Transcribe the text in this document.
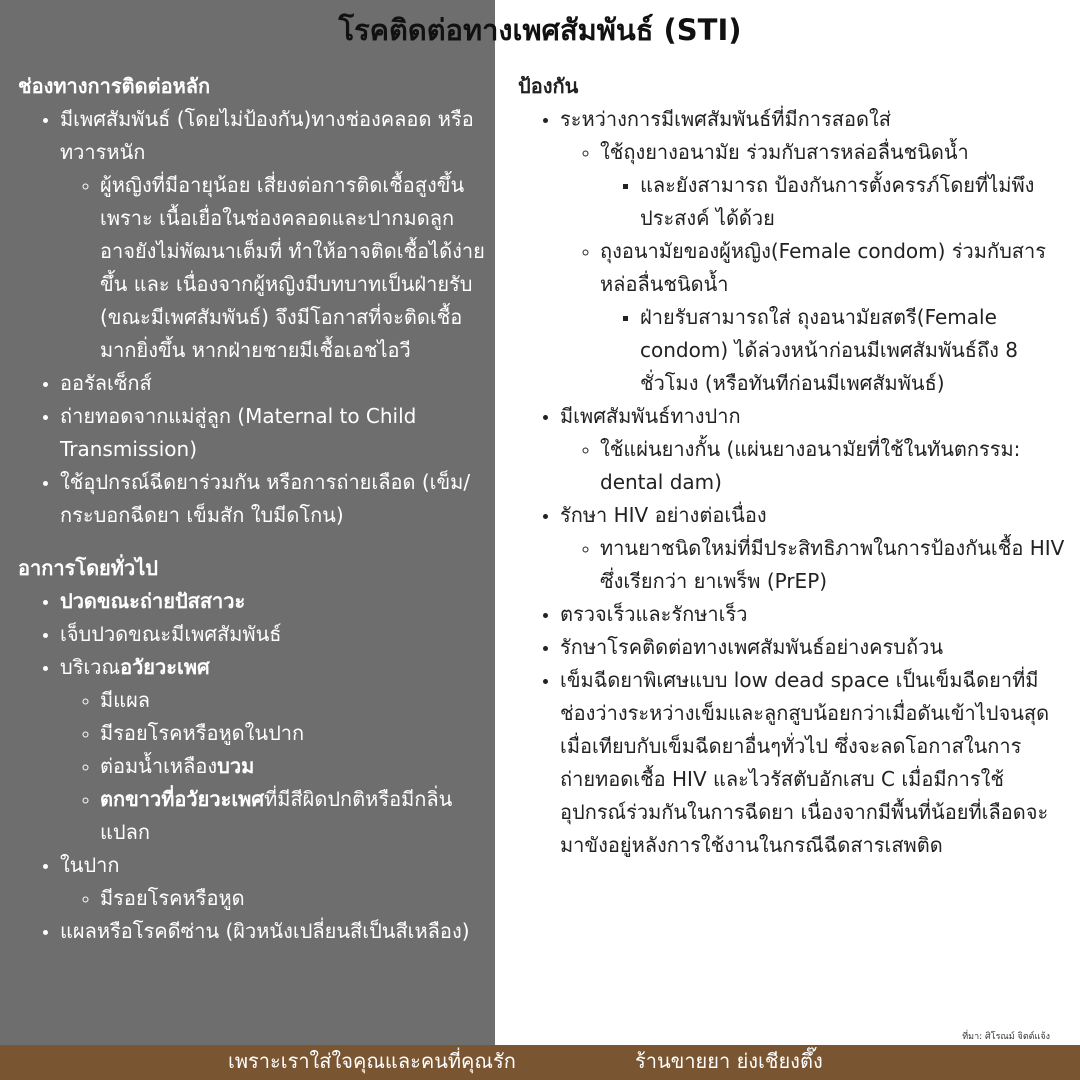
โรคติดต่อทางเพศสัมพันธ์ (STI)

ช่องทางการติดต่อหลัก

• มีเพศสัมพันธ์ (โดยไม่ป้องกัน)ทางช่องคลอด หรือ ทวารหนัก
◦ ผู้หญิงที่มีอายุน้อย เสี่ยงต่อการติดเชื้อสูงขึ้น เพราะ เนื้อเยื่อในช่องคลอดและปากมดลูกอาจยังไม่พัฒนาเต็มที่ ทำให้อาจติดเชื้อได้ง่ายขึ้น และ เนื่องจากผู้หญิงมีบทบาทเป็นฝ่ายรับ (ขณะมีเพศสัมพันธ์) จึงมีโอกาสที่จะติดเชื้อมากยิ่งขึ้น หากฝ่ายชายมีเชื้อเอชไอวี
• ออรัลเซ็กส์
• ถ่ายทอดจากแม่สู่ลูก (Maternal to Child Transmission)
• ใช้อุปกรณ์ฉีดยาร่วมกัน หรือการถ่ายเลือด (เข็ม/กระบอกฉีดยา เข็มสัก ใบมีดโกน)

อาการโดยทั่วไป

• ปวดขณะถ่ายปัสสาวะ
• เจ็บปวดขณะมีเพศสัมพันธ์
• บริเวณอวัยวะเพศ
◦ มีแผล
◦ มีรอยโรคหรือหูดในปาก
◦ ต่อมน้ำเหลืองบวม
◦ ตกขาวที่อวัยวะเพศที่มีสีผิดปกติหรือมีกลิ่นแปลก
• ในปาก
◦ มีรอยโรคหรือหูด
• แผลหรือโรคดีซ่าน (ผิวหนังเปลี่ยนสีเป็นสีเหลือง)

ป้องกัน

• ระหว่างการมีเพศสัมพันธ์ที่มีการสอดใส่
◦ ใช้ถุงยางอนามัย ร่วมกับสารหล่อลื่นชนิดน้ำ
▪ และยังสามารถ ป้องกันการตั้งครรภ์โดยที่ไม่พึงประสงค์ ได้ด้วย
◦ ถุงอนามัยของผู้หญิง(Female condom) ร่วมกับสารหล่อลื่นชนิดน้ำ
▪ ฝ่ายรับสามารถใส่ ถุงอนามัยสตรี(Female condom) ได้ล่วงหน้าก่อนมีเพศสัมพันธ์ถึง 8 ชั่วโมง (หรือทันทีก่อนมีเพศสัมพันธ์)
• มีเพศสัมพันธ์ทางปาก
◦ ใช้แผ่นยางกั้น (แผ่นยางอนามัยที่ใช้ในทันตกรรม: dental dam)
• รักษา HIV อย่างต่อเนื่อง
◦ ทานยาชนิดใหม่ที่มีประสิทธิภาพในการป้องกันเชื้อ HIV ซึ่งเรียกว่า ยาเพร็พ (PrEP)
• ตรวจเร็วและรักษาเร็ว
• รักษาโรคติดต่อทางเพศสัมพันธ์อย่างครบถ้วน
• เข็มฉีดยาพิเศษแบบ low dead space เป็นเข็มฉีดยาที่มีช่องว่างระหว่างเข็มและลูกสูบน้อยกว่าเมื่อดันเข้าไปจนสุดเมื่อเทียบกับเข็มฉีดยาอื่นๆทั่วไป ซึ่งจะลดโอกาสในการถ่ายทอดเชื้อ HIV และไวรัสตับอักเสบ C เมื่อมีการใช้อุปกรณ์ร่วมกันในการฉีดยา เนื่องจากมีพื้นที่น้อยที่เลือดจะมาขังอยู่หลังการใช้งานในกรณีฉีดสารเสพติด
ที่มา: ศิโรณม์ จิตต์แจ้ง
เพราะเราใส่ใจคุณและคนที่คุณรัก	ร้านขายยา ย่งเชียงตึ๊ง
